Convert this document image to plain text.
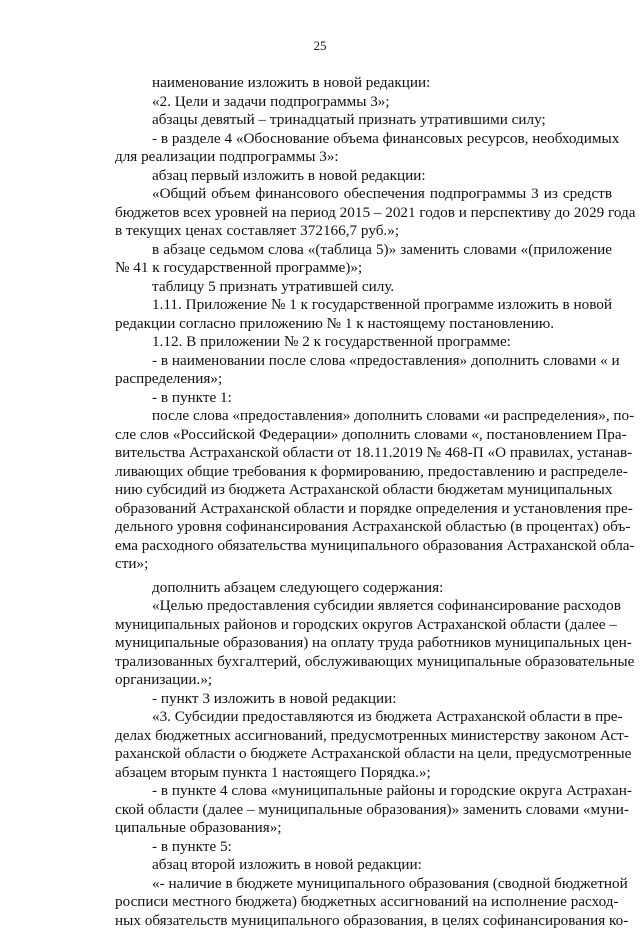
25
наименование изложить в новой редакции:
«2. Цели и задачи подпрограммы 3»;
абзацы девятый – тринадцатый признать утратившими силу;
- в разделе 4 «Обоснование объема финансовых ресурсов, необходимых
для реализации подпрограммы 3»:
абзац первый изложить в новой редакции:
«Общий объем финансового обеспечения подпрограммы 3 из средств
бюджетов всех уровней на период 2015 – 2021 годов и перспективу до 2029 года
в текущих ценах составляет 372166,7 руб.»;
в абзаце седьмом слова «(таблица 5)» заменить словами «(приложение
№ 41 к государственной программе)»;
таблицу 5 признать утратившей силу.
1.11. Приложение № 1 к государственной программе изложить в новой
редакции согласно приложению № 1 к настоящему постановлению.
1.12. В приложении № 2 к государственной программе:
- в наименовании после слова «предоставления» дополнить словами « и
распределения»;
- в пункте 1:
после слова «предоставления» дополнить словами «и распределения», по-
сле слов «Российской Федерации» дополнить словами «, постановлением Пра-
вительства Астраханской области от 18.11.2019 № 468-П «О правилах, устанав-
ливающих общие требования к формированию, предоставлению и распределе-
нию субсидий из бюджета Астраханской области бюджетам муниципальных
образований Астраханской области и порядке определения и установления пре-
дельного уровня софинансирования Астраханской областью (в процентах) объ-
ема расходного обязательства муниципального образования Астраханской обла-
сти»;
дополнить абзацем следующего содержания:
«Целью предоставления субсидии является софинансирование расходов
муниципальных районов и городских округов Астраханской области (далее –
муниципальные образования) на оплату труда работников муниципальных цен-
трализованных бухгалтерий, обслуживающих муниципальные образовательные
организации.»;
- пункт 3 изложить в новой редакции:
«3. Субсидии предоставляются из бюджета Астраханской области в пре-
делах бюджетных ассигнований, предусмотренных министерству законом Аст-
раханской области о бюджете Астраханской области на цели, предусмотренные
абзацем вторым пункта 1 настоящего Порядка.»;
- в пункте 4 слова «муниципальные районы и городские округа Астрахан-
ской области (далее – муниципальные образования)» заменить словами «муни-
ципальные образования»;
- в пункте 5:
абзац второй изложить в новой редакции:
«- наличие в бюджете муниципального образования (сводной бюджетной
росписи местного бюджета) бюджетных ассигнований на исполнение расход-
ных обязательств муниципального образования, в целях софинансирования ко-
